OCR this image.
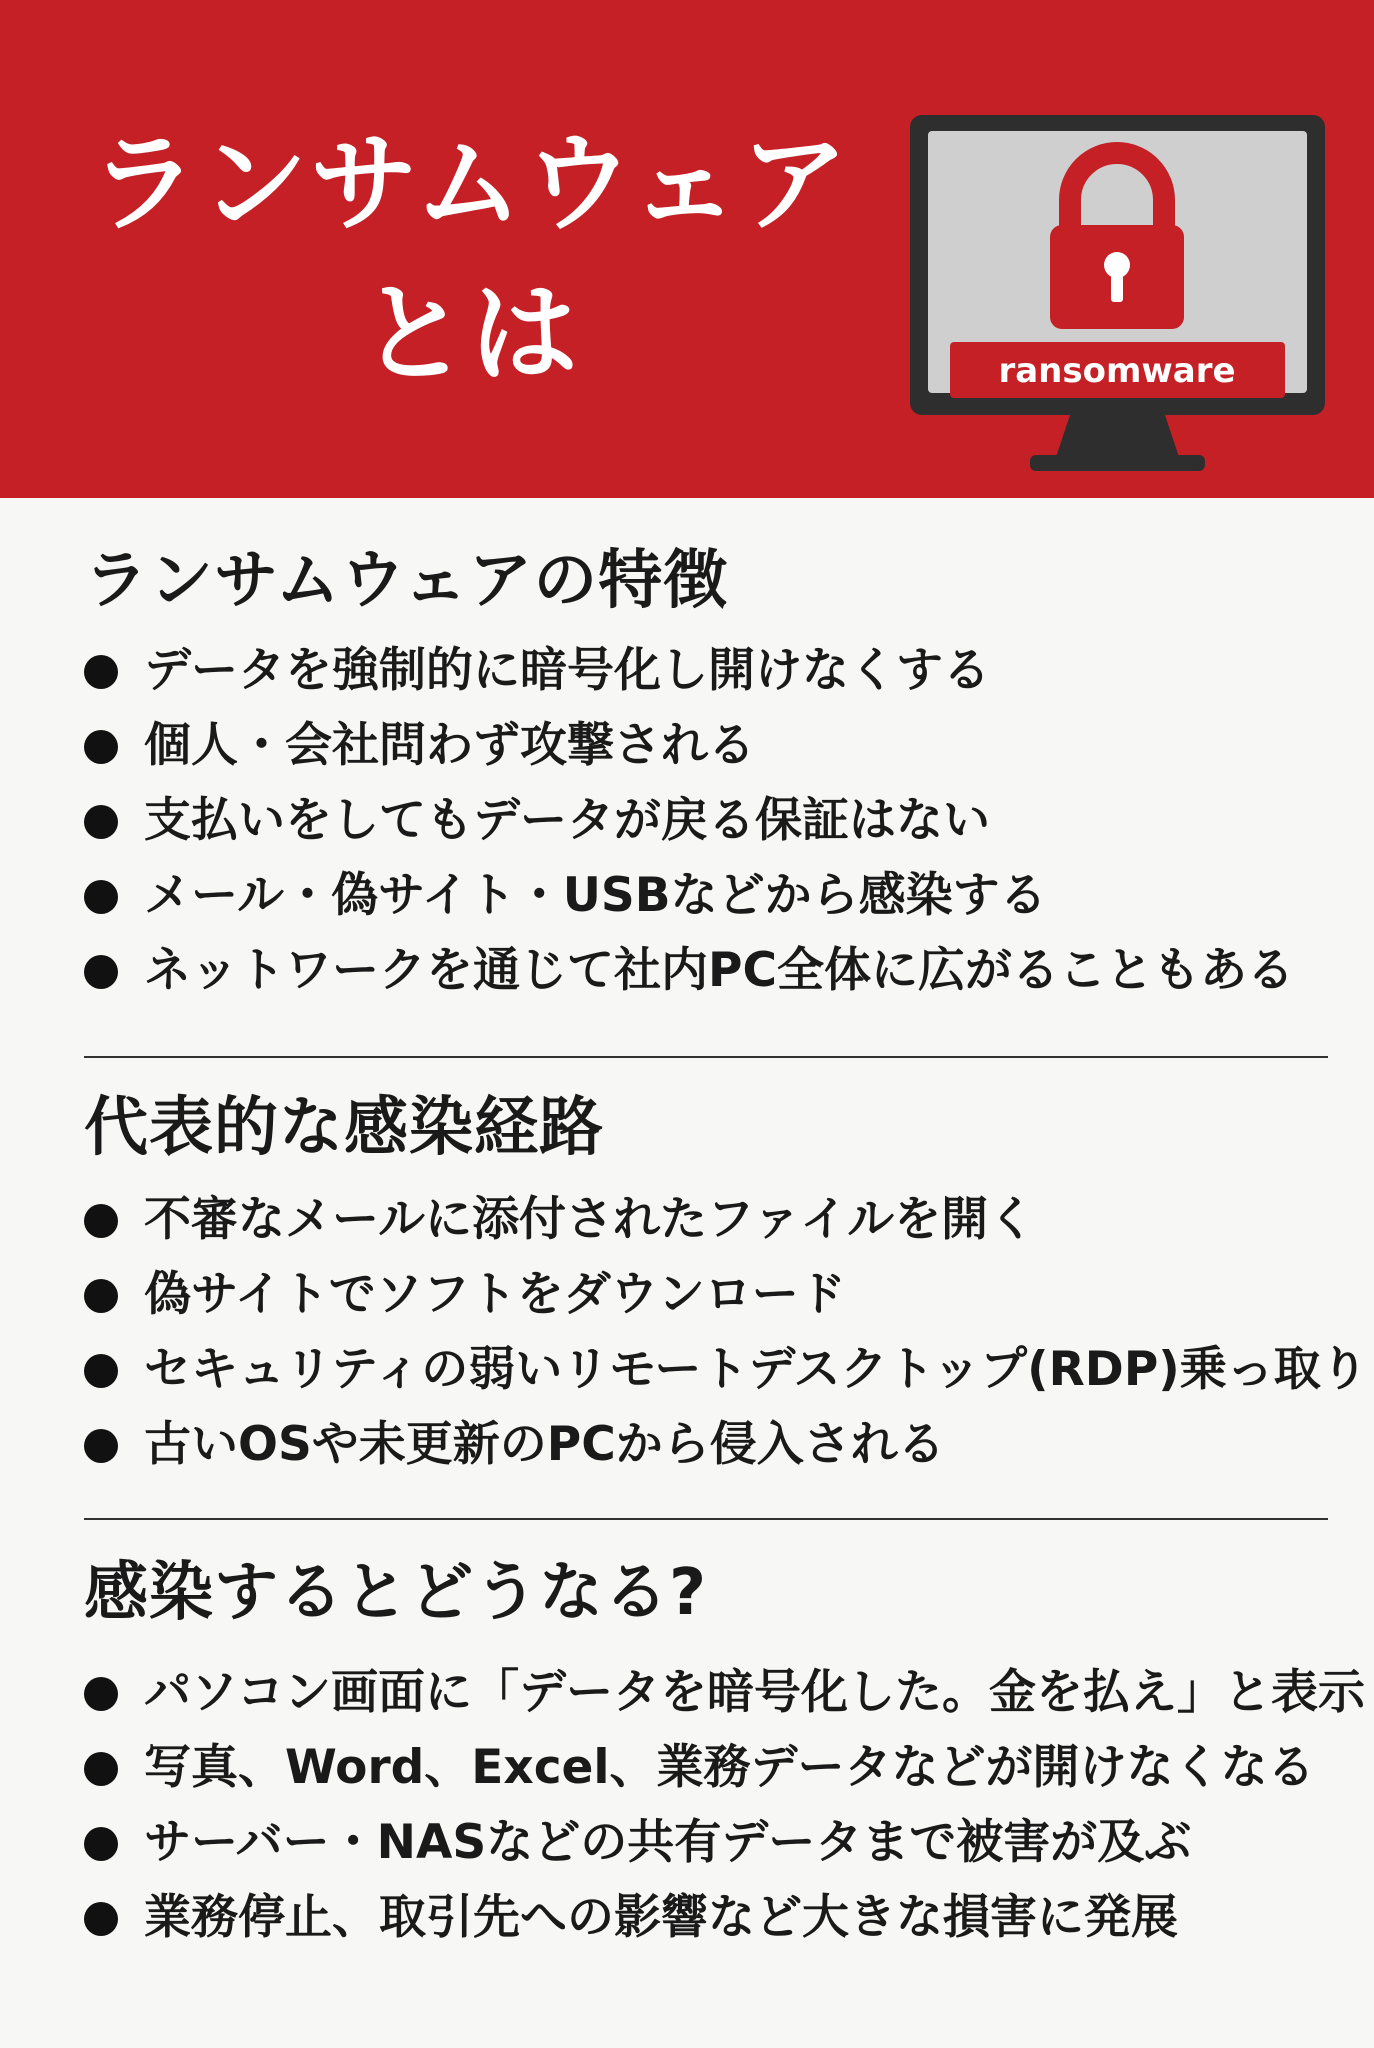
ランサムウェア
とは	ransomware
ランサムウェアの特徴
データを強制的に暗号化し開けなくする
個人・会社問わず攻撃される
支払いをしてもデータが戻る保証はない
メール・偽サイト・USBなどから感染する
ネットワークを通じて社内PC全体に広がることもある
代表的な感染経路
不審なメールに添付されたファイルを開く
偽サイトでソフトをダウンロード
セキュリティの弱いリモートデスクトップ(RDP)乗っ取り
古いOSや未更新のPCから侵入される
感染するとどうなる?
パソコン画面に「データを暗号化した。金を払え」と表示
写真、Word、Excel、業務データなどが開けなくなる
サーバー・NASなどの共有データまで被害が及ぶ
業務停止、取引先への影響など大きな損害に発展
